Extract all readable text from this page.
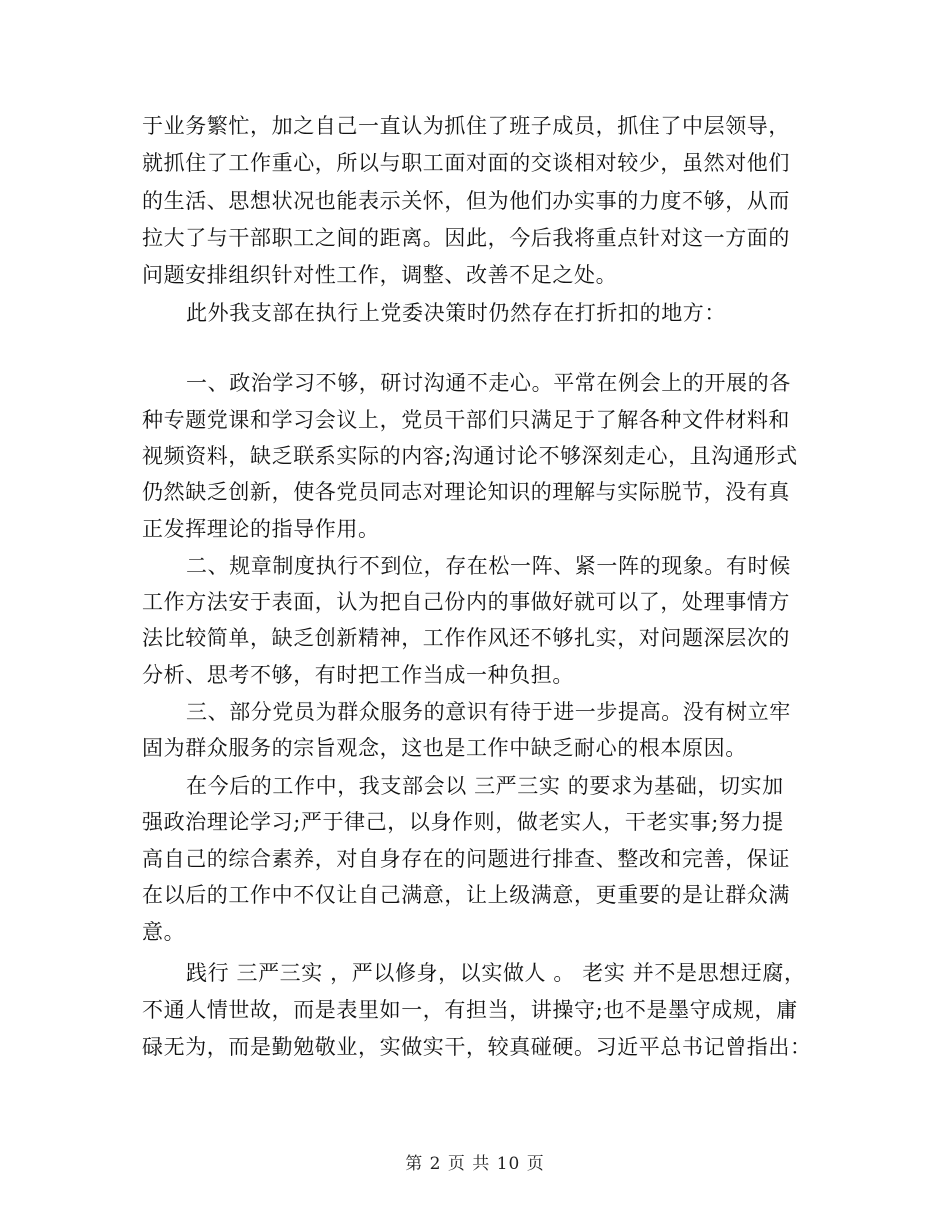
于业务繁忙，加之自己一直认为抓住了班子成员，抓住了中层领导，
就抓住了工作重心，所以与职工面对面的交谈相对较少，虽然对他们
的生活、思想状况也能表示关怀，但为他们办实事的力度不够，从而
拉大了与干部职工之间的距离。因此，今后我将重点针对这一方面的
问题安排组织针对性工作，调整、改善不足之处。
此外我支部在执行上党委决策时仍然存在打折扣的地方：
一、政治学习不够，研讨沟通不走心。平常在例会上的开展的各
种专题党课和学习会议上，党员干部们只满足于了解各种文件材料和
视频资料，缺乏联系实际的内容;沟通讨论不够深刻走心，且沟通形式
仍然缺乏创新，使各党员同志对理论知识的理解与实际脱节，没有真
正发挥理论的指导作用。
二、规章制度执行不到位，存在松一阵、紧一阵的现象。有时候
工作方法安于表面，认为把自己份内的事做好就可以了，处理事情方
法比较简单，缺乏创新精神，工作作风还不够扎实，对问题深层次的
分析、思考不够，有时把工作当成一种负担。
三、部分党员为群众服务的意识有待于进一步提高。没有树立牢
固为群众服务的宗旨观念，这也是工作中缺乏耐心的根本原因。
在今后的工作中，我支部会以 三严三实 的要求为基础，切实加
强政治理论学习;严于律己，以身作则，做老实人，干老实事;努力提
高自己的综合素养，对自身存在的问题进行排查、整改和完善，保证
在以后的工作中不仅让自己满意，让上级满意，更重要的是让群众满
意。
践行 三严三实 ，严以修身，以实做人 。 老实 并不是思想迂腐，
不通人情世故，而是表里如一，有担当，讲操守;也不是墨守成规，庸
碌无为，而是勤勉敬业，实做实干，较真碰硬。习近平总书记曾指出：
第 2 页 共 10 页
